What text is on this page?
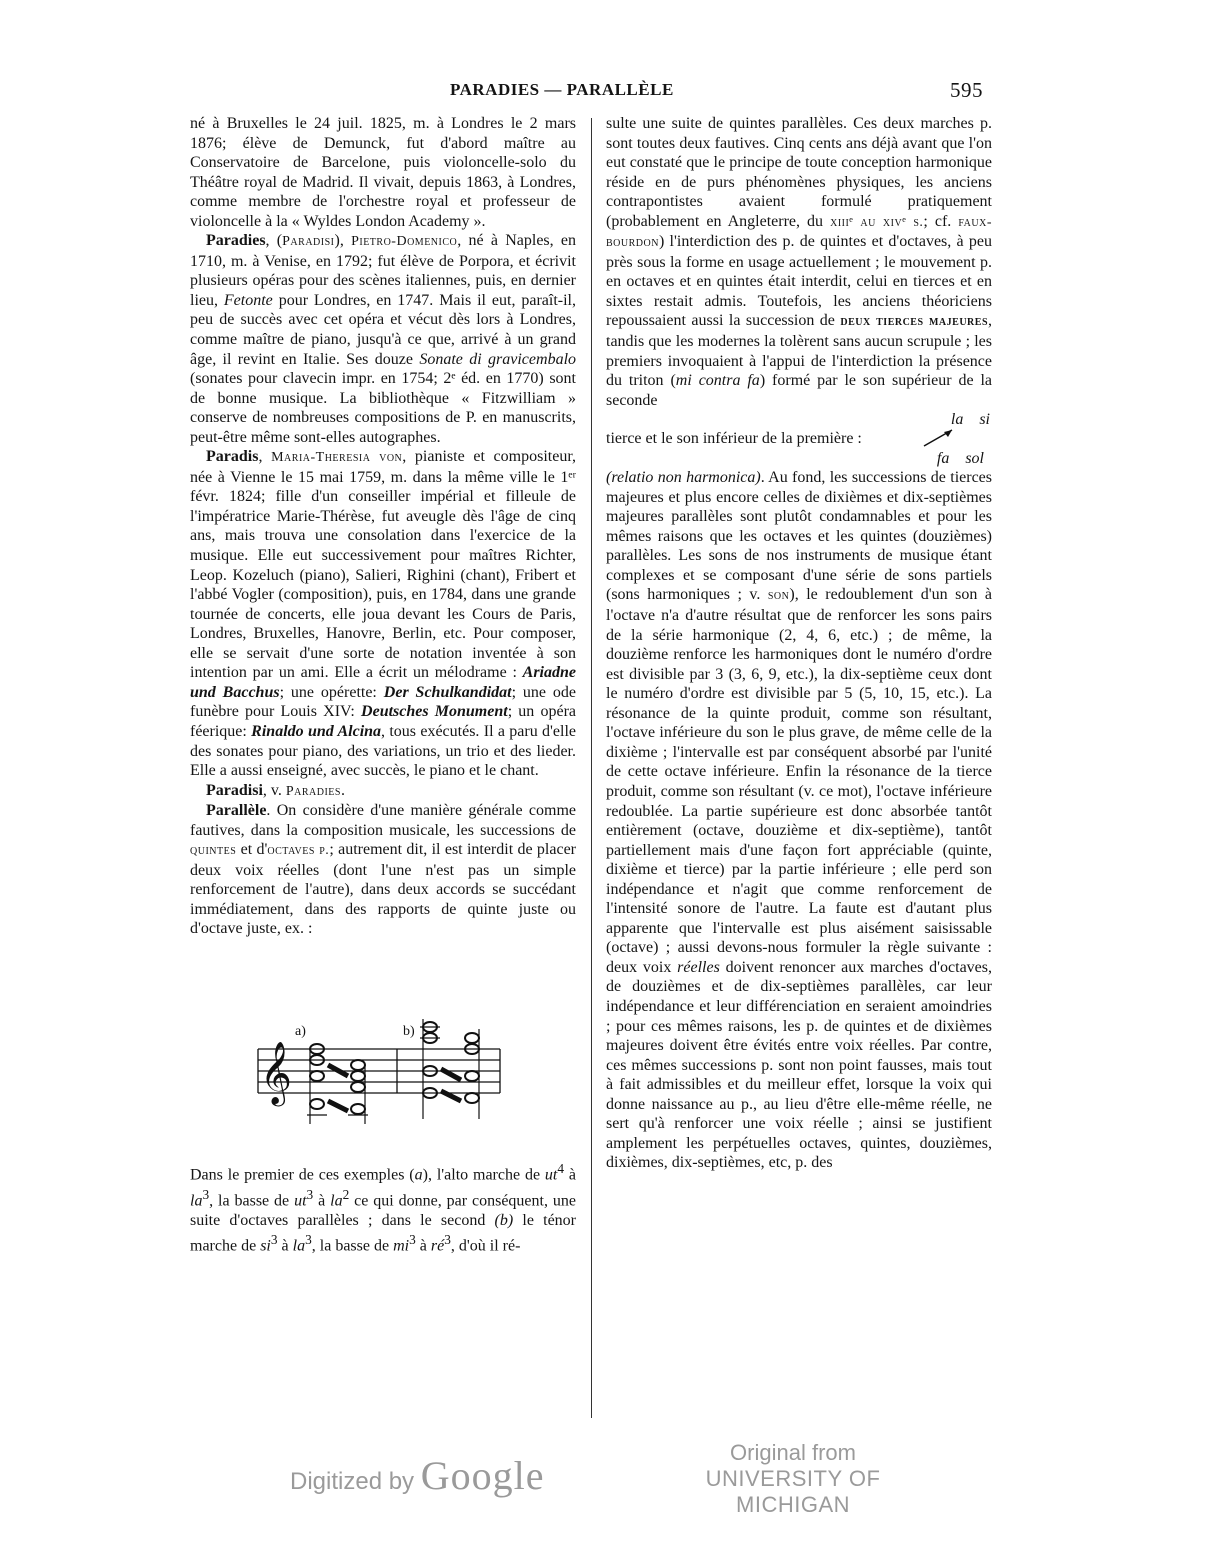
PARADIES — PARALLÈLE	595

né à Bruxelles le 24 juil. 1825, m. à Londres le 2 mars 1876; élève de Demunck, fut d'abord maître au Conservatoire de Barcelone, puis violoncelle-solo du Théâtre royal de Madrid. Il vivait, depuis 1863, à Londres, comme membre de l'orchestre royal et professeur de violoncelle à la « Wyldes London Academy ».

Paradies, (Paradisi), Pietro-Domenico, né à Naples, en 1710, m. à Venise, en 1792; fut élève de Porpora, et écrivit plusieurs opéras pour des scènes italiennes, puis, en dernier lieu, Fetonte pour Londres, en 1747. Mais il eut, paraît-il, peu de succès avec cet opéra et vécut dès lors à Londres, comme maître de piano, jusqu'à ce que, arrivé à un grand âge, il revint en Italie. Ses douze Sonate di gravicembalo (sonates pour clavecin impr. en 1754; 2ᵉ éd. en 1770) sont de bonne musique. La bibliothèque « Fitzwilliam » conserve de nombreuses compositions de P. en manuscrits, peut-être même sont-elles autographes.

Paradis, Maria-Theresia von, pianiste et compositeur, née à Vienne le 15 mai 1759, m. dans la même ville le 1ᵉʳ févr. 1824; fille d'un conseiller impérial et filleule de l'impératrice Marie-Thérèse, fut aveugle dès l'âge de cinq ans, mais trouva une consolation dans l'exercice de la musique. Elle eut successivement pour maîtres Richter, Leop. Kozeluch (piano), Salieri, Righini (chant), Fribert et l'abbé Vogler (composition), puis, en 1784, dans une grande tournée de concerts, elle joua devant les Cours de Paris, Londres, Bruxelles, Hanovre, Berlin, etc. Pour composer, elle se servait d'une sorte de notation inventée à son intention par un ami. Elle a écrit un mélodrame : Ariadne und Bacchus; une opérette: Der Schulkandidat; une ode funèbre pour Louis XIV: Deutsches Monument; un opéra féerique: Rinaldo und Alcina, tous exécutés. Il a paru d'elle des sonates pour piano, des variations, un trio et des lieder. Elle a aussi enseigné, avec succès, le piano et le chant.

Paradisi, v. Paradies.

Parallèle. On considère d'une manière générale comme fautives, dans la composition musicale, les successions de quintes et d'octaves p.; autrement dit, il est interdit de placer deux voix réelles (dont l'une n'est pas un simple renforcement de l'autre), dans deux accords se succédant immédiatement, dans des rapports de quinte juste ou d'octave juste, ex. :

𝄞
a)	b)

Dans le premier de ces exemples (a), l'alto marche de $ut^4$ à $la^3$, la basse de $ut^3$ à $la^2$ ce qui donne, par conséquent, une suite d'octaves parallèles ; dans le second (b) le ténor marche de $si^3$ à $la^3$, la basse de $mi^3$ à $ré^3$, d'où il ré-

sulte une suite de quintes parallèles. Ces deux marches p. sont toutes deux fautives. Cinq cents ans déjà avant que l'on eut constaté que le principe de toute conception harmonique réside en de purs phénomènes physiques, les anciens contrapontistes avaient formulé pratiquement (probablement en Angleterre, du xiiiᵉ au xivᵉ s.; cf. faux-bourdon) l'interdiction des p. de quintes et d'octaves, à peu près sous la forme en usage actuellement ; le mouvement p. en octaves et en quintes était interdit, celui en tierces et en sixtes restait admis. Toutefois, les anciens théoriciens repoussaient aussi la succession de deux tierces majeures, tandis que les modernes la tolèrent sans aucun scrupule ; les premiers invoquaient à l'appui de l'interdiction la présence du triton (mi contra fa) formé par le son supérieur de la seconde

la si
tierce et le son inférieur de la première :
fa sol

(relatio non harmonica). Au fond, les successions de tierces majeures et plus encore celles de dixièmes et dix-septièmes majeures parallèles sont plutôt condamnables et pour les mêmes raisons que les octaves et les quintes (douzièmes) parallèles. Les sons de nos instruments de musique étant complexes et se composant d'une série de sons partiels (sons harmoniques ; v. son), le redoublement d'un son à l'octave n'a d'autre résultat que de renforcer les sons pairs de la série harmonique (2, 4, 6, etc.) ; de même, la douzième renforce les harmoniques dont le numéro d'ordre est divisible par 3 (3, 6, 9, etc.), la dix-septième ceux dont le numéro d'ordre est divisible par 5 (5, 10, 15, etc.). La résonance de la quinte produit, comme son résultant, l'octave inférieure du son le plus grave, de même celle de la dixième ; l'intervalle est par conséquent absorbé par l'unité de cette octave inférieure. Enfin la résonance de la tierce produit, comme son résultant (v. ce mot), l'octave inférieure redoublée. La partie supérieure est donc absorbée tantôt entièrement (octave, douzième et dix-septième), tantôt partiellement mais d'une façon fort appréciable (quinte, dixième et tierce) par la partie inférieure ; elle perd son indépendance et n'agit que comme renforcement de l'intensité sonore de l'autre. La faute est d'autant plus apparente que l'intervalle est plus aisément saisissable (octave) ; aussi devons-nous formuler la règle suivante : deux voix réelles doivent renoncer aux marches d'octaves, de douzièmes et de dix-septièmes parallèles, car leur indépendance et leur différenciation en seraient amoindries ; pour ces mêmes raisons, les p. de quintes et de dixièmes majeures doivent être évités entre voix réelles. Par contre, ces mêmes successions p. sont non point fausses, mais tout à fait admissibles et du meilleur effet, lorsque la voix qui donne naissance au p., au lieu d'être elle-même réelle, ne sert qu'à renforcer une voix réelle ; ainsi se justifient amplement les perpétuelles octaves, quintes, douzièmes, dixièmes, dix-septièmes, etc, p. des

Digitized by Google
Original from
UNIVERSITY OF MICHIGAN
